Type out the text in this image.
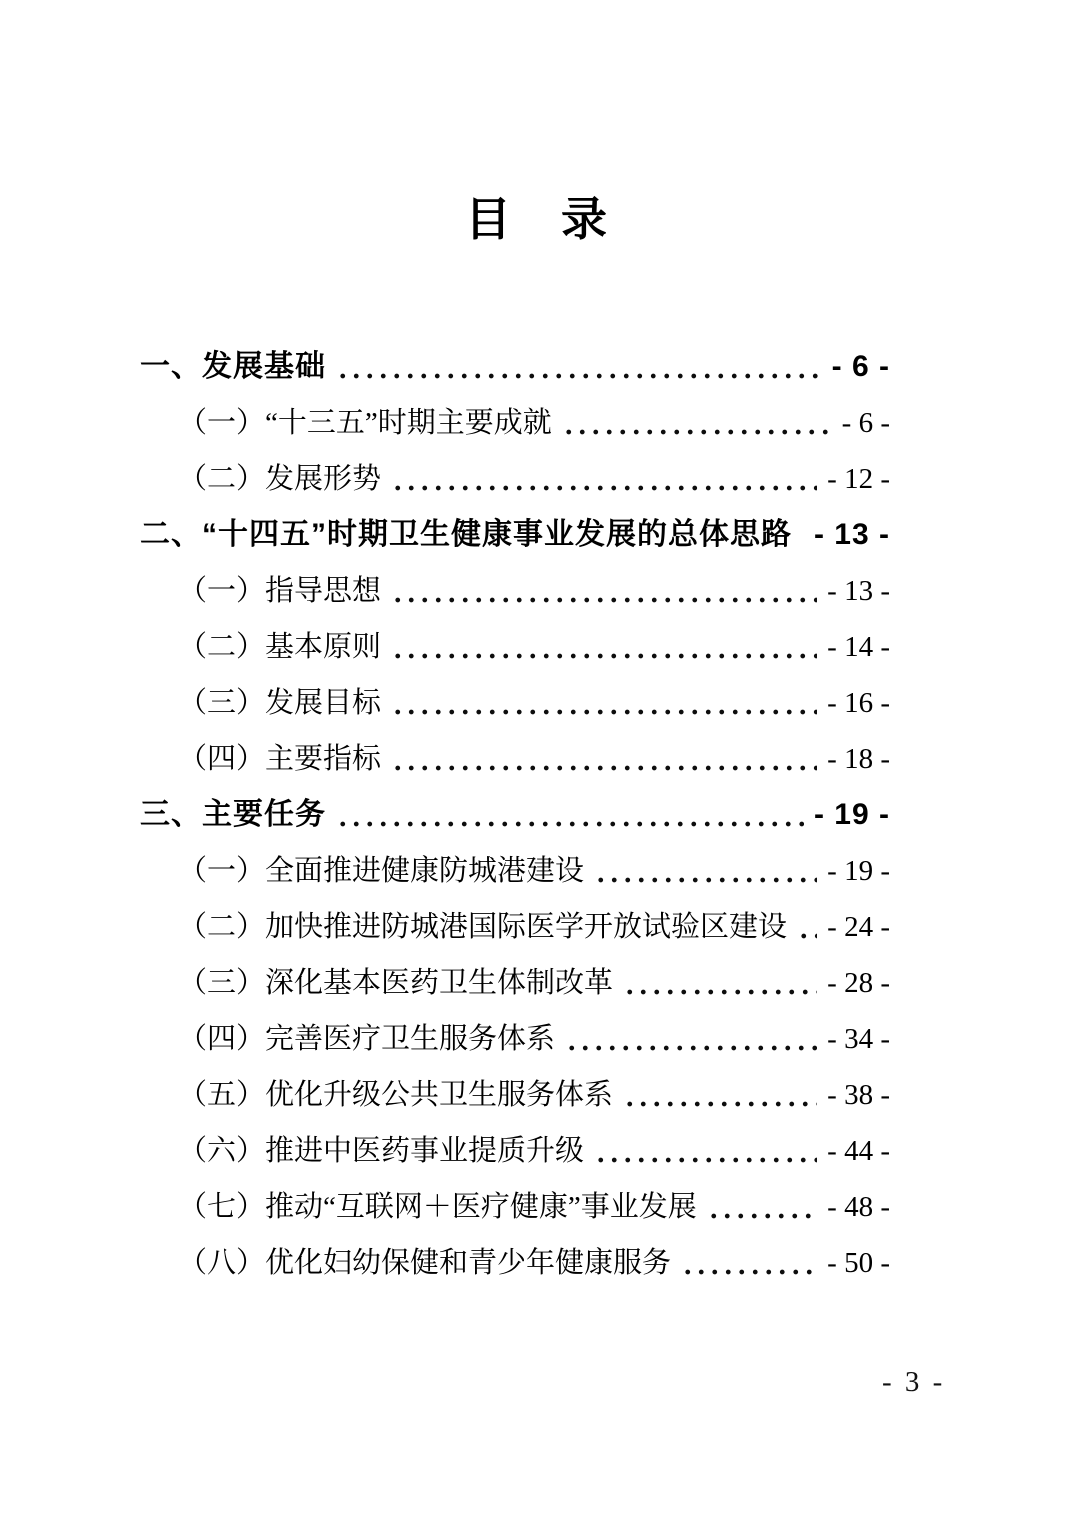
目　录
一、发展基础	- 6 -
（一）“十三五”时期主要成就	- 6 -
（二）发展形势	- 12 -
二、“十四五”时期卫生健康事业发展的总体思路 - 13 -
（一）指导思想	- 13 -
（二）基本原则	- 14 -
（三）发展目标	- 16 -
（四）主要指标	- 18 -
三、主要任务	- 19 -
（一）全面推进健康防城港建设	- 19 -
（二）加快推进防城港国际医学开放试验区建设 - 24 -
（三）深化基本医药卫生体制改革	- 28 -
（四）完善医疗卫生服务体系	- 34 -
（五）优化升级公共卫生服务体系	- 38 -
（六）推进中医药事业提质升级	- 44 -
（七）推动“互联网＋医疗健康”事业发展	- 48 -
（八）优化妇幼保健和青少年健康服务	- 50 -
- 3 -
